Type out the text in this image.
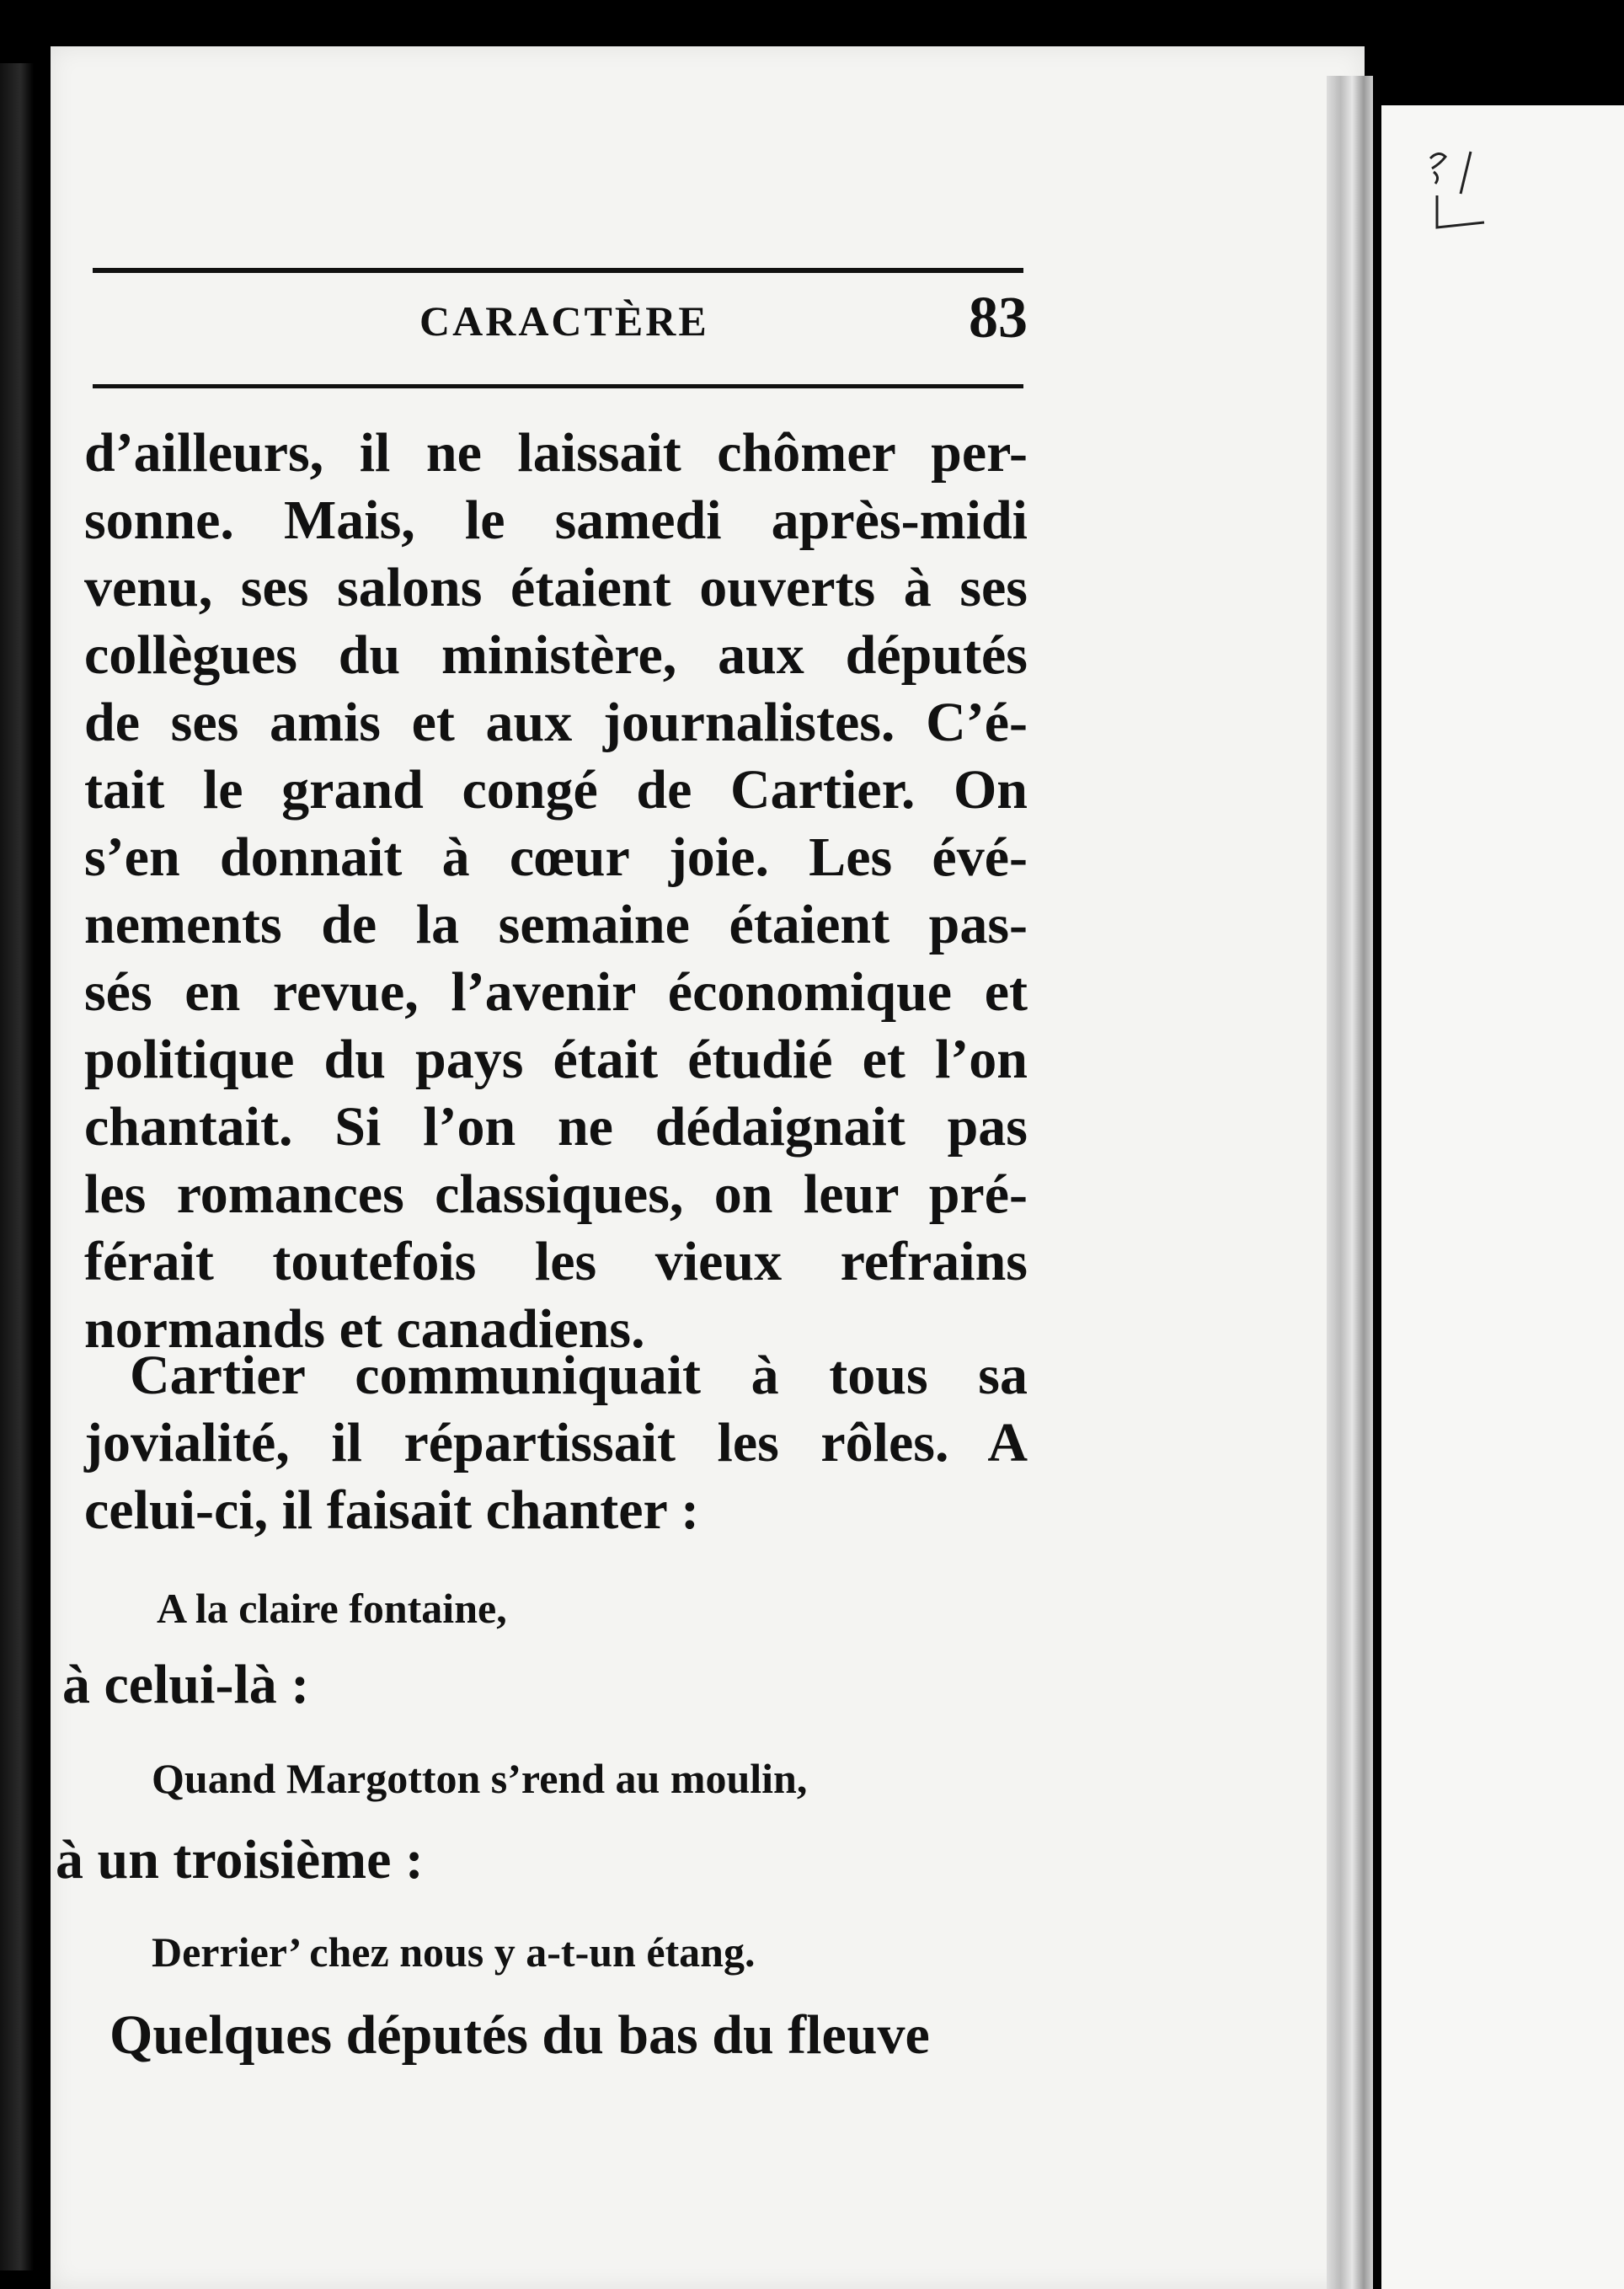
CARACTÈRE	83
d’ailleurs, il ne laissait chômer per-
sonne. Mais, le samedi après-midi
venu, ses salons étaient ouverts à ses
collègues du ministère, aux députés
de ses amis et aux journalistes. C’é-
tait le grand congé de Cartier. On
s’en donnait à cœur joie. Les évé-
nements de la semaine étaient pas-
sés en revue, l’avenir économique et
politique du pays était étudié et l’on
chantait. Si l’on ne dédaignait pas
les romances classiques, on leur pré-
férait toutefois les vieux refrains
normands et canadiens.
Cartier communiquait à tous sa
jovialité, il répartissait les rôles. A
celui-ci, il faisait chanter :
A la claire fontaine,
à celui-là :
Quand Margotton s’rend au moulin,
à un troisième :
Derrier’ chez nous y a-t-un étang.
Quelques députés du bas du fleuve
